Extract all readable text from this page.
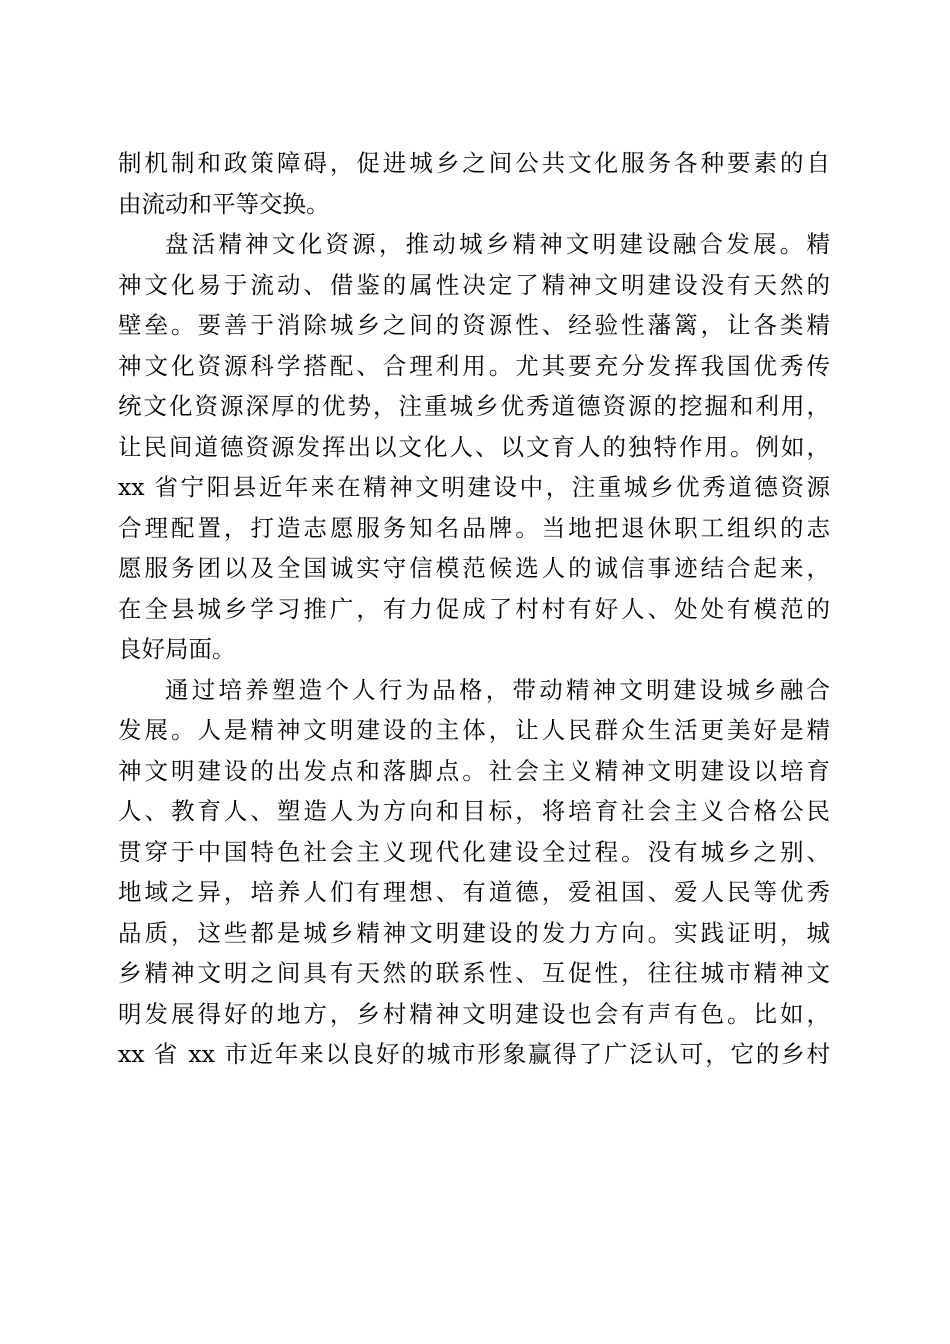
制机制和政策障碍，促进城乡之间公共文化服务各种要素的自
由流动和平等交换。
盘活精神文化资源，推动城乡精神文明建设融合发展。精
神文化易于流动、借鉴的属性决定了精神文明建设没有天然的
壁垒。要善于消除城乡之间的资源性、经验性藩篱，让各类精
神文化资源科学搭配、合理利用。尤其要充分发挥我国优秀传
统文化资源深厚的优势，注重城乡优秀道德资源的挖掘和利用，
让民间道德资源发挥出以文化人、以文育人的独特作用。例如，
xx 省宁阳县近年来在精神文明建设中，注重城乡优秀道德资源
合理配置，打造志愿服务知名品牌。当地把退休职工组织的志
愿服务团以及全国诚实守信模范候选人的诚信事迹结合起来，
在全县城乡学习推广，有力促成了村村有好人、处处有模范的
良好局面。
通过培养塑造个人行为品格，带动精神文明建设城乡融合
发展。人是精神文明建设的主体，让人民群众生活更美好是精
神文明建设的出发点和落脚点。社会主义精神文明建设以培育
人、教育人、塑造人为方向和目标，将培育社会主义合格公民
贯穿于中国特色社会主义现代化建设全过程。没有城乡之别、
地域之异，培养人们有理想、有道德，爱祖国、爱人民等优秀
品质，这些都是城乡精神文明建设的发力方向。实践证明，城
乡精神文明之间具有天然的联系性、互促性，往往城市精神文
明发展得好的地方，乡村精神文明建设也会有声有色。比如，
xx 省 xx 市近年来以良好的城市形象赢得了广泛认可，它的乡村
